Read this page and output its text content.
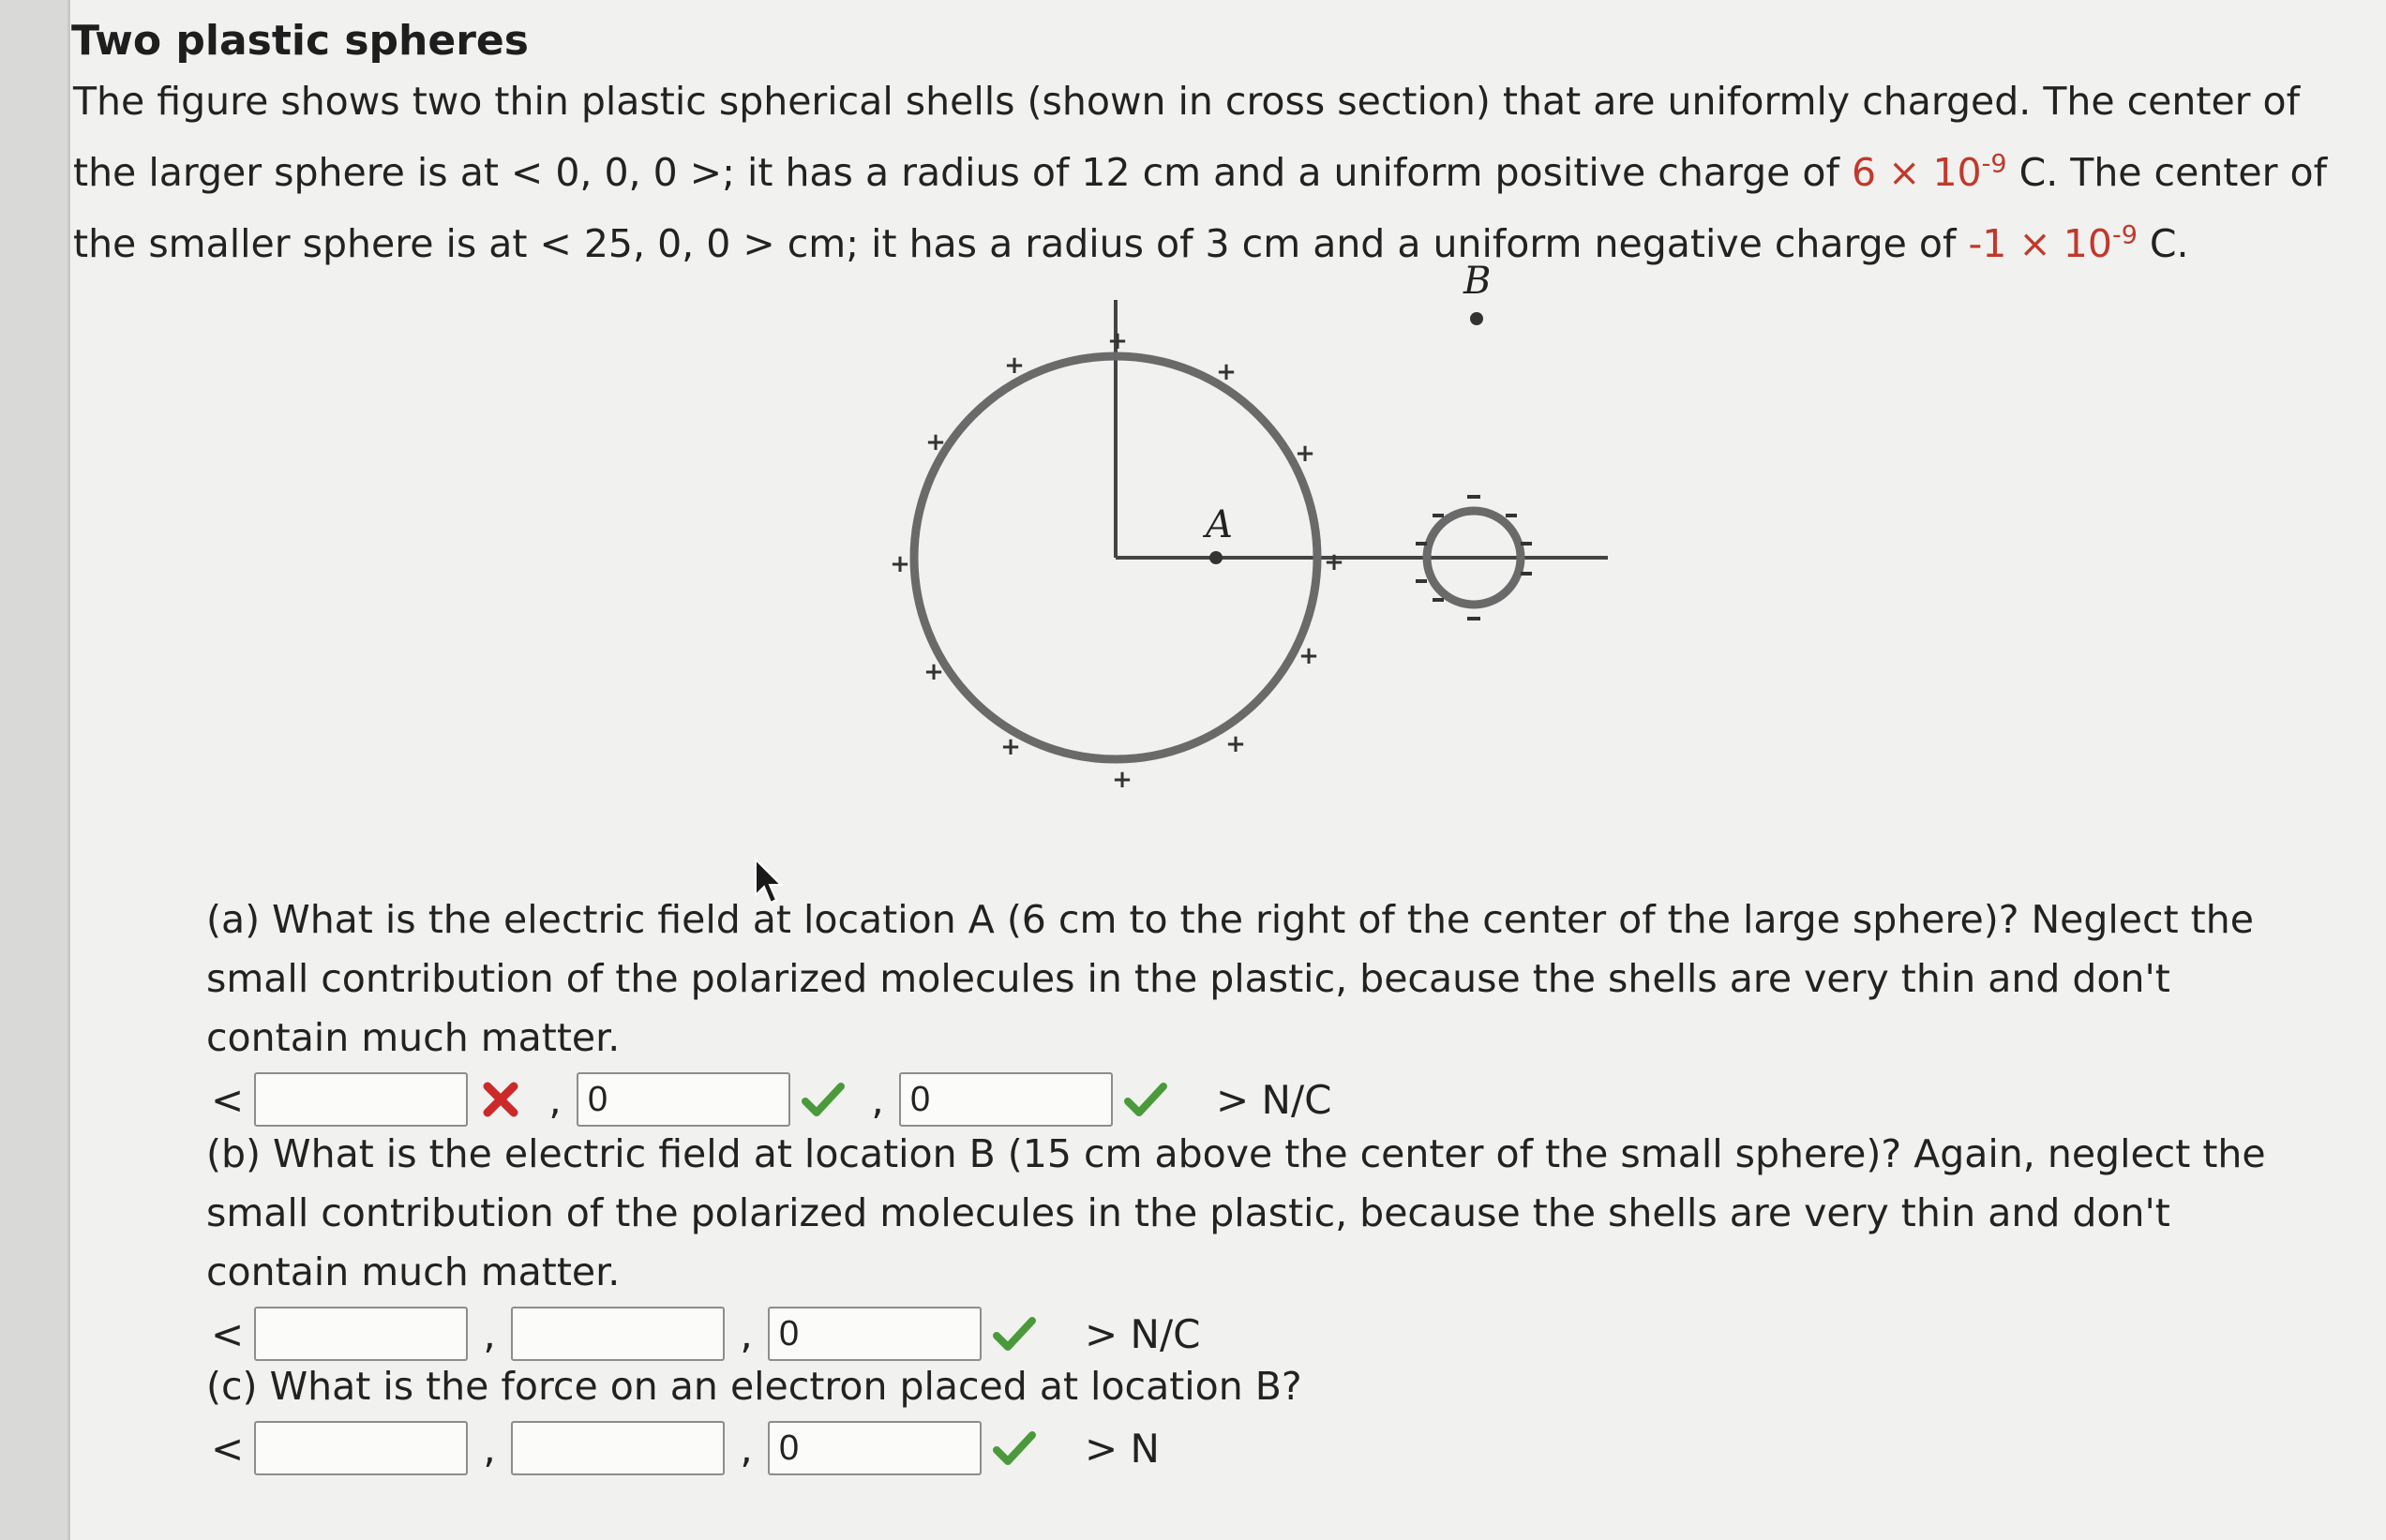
Two plastic spheres
The figure shows two thin plastic spherical shells (shown in cross section) that are uniformly charged. The center of the larger sphere is at < 0, 0, 0 >; it has a radius of 12 cm and a uniform positive charge of $6 \times 10^{-9}$ C. The center of the smaller sphere is at < 25, 0, 0 > cm; it has a radius of 3 cm and a uniform negative charge of $-1 \times 10^{-9}$ C.
A
B
+	+
+	+
+	+
+
+
+	+
+
+
(a) What is the electric field at location A (6 cm to the right of the center of the large sphere)? Neglect the small contribution of the polarized molecules in the plastic, because the shells are very thin and don't contain much matter.
<	, 0	, 0	> N/C
(b) What is the electric field at location B (15 cm above the center of the small sphere)? Again, neglect the small contribution of the polarized molecules in the plastic, because the shells are very thin and don't contain much matter.
<	,	, 0	> N/C
(c) What is the force on an electron placed at location B?
<	,	, 0	> N
